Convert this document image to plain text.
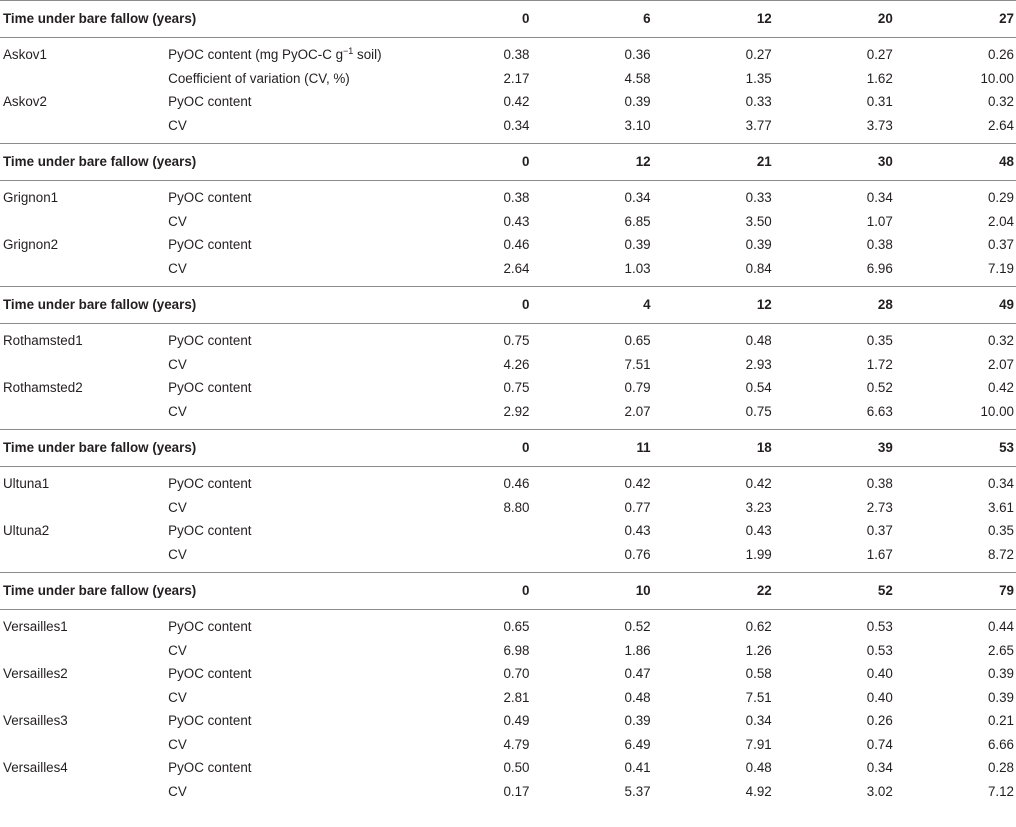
Time under bare fallow (years)		0	6	12	20	27

Askov1	PyOC content (mg PyOC-C $g^{-1}$ soil)	0.38	0.36	0.27	0.27	0.26
	Coefficient of variation (CV, %)	2.17	4.58	1.35	1.62	10.00
Askov2	PyOC content	0.42	0.39	0.33	0.31	0.32
	CV	0.34	3.10	3.77	3.73	2.64

Time under bare fallow (years)		0	12	21	30	48

Grignon1	PyOC content	0.38	0.34	0.33	0.34	0.29
	CV	0.43	6.85	3.50	1.07	2.04
Grignon2	PyOC content	0.46	0.39	0.39	0.38	0.37
	CV	2.64	1.03	0.84	6.96	7.19

Time under bare fallow (years)		0	4	12	28	49

Rothamsted1	PyOC content	0.75	0.65	0.48	0.35	0.32
	CV	4.26	7.51	2.93	1.72	2.07
Rothamsted2	PyOC content	0.75	0.79	0.54	0.52	0.42
	CV	2.92	2.07	0.75	6.63	10.00

Time under bare fallow (years)		0	11	18	39	53

Ultuna1	PyOC content	0.46	0.42	0.42	0.38	0.34
	CV	8.80	0.77	3.23	2.73	3.61
Ultuna2	PyOC content		0.43	0.43	0.37	0.35
	CV		0.76	1.99	1.67	8.72

Time under bare fallow (years)		0	10	22	52	79

Versailles1	PyOC content	0.65	0.52	0.62	0.53	0.44
	CV	6.98	1.86	1.26	0.53	2.65
Versailles2	PyOC content	0.70	0.47	0.58	0.40	0.39
	CV	2.81	0.48	7.51	0.40	0.39
Versailles3	PyOC content	0.49	0.39	0.34	0.26	0.21
	CV	4.79	6.49	7.91	0.74	6.66
Versailles4	PyOC content	0.50	0.41	0.48	0.34	0.28
	CV	0.17	5.37	4.92	3.02	7.12
